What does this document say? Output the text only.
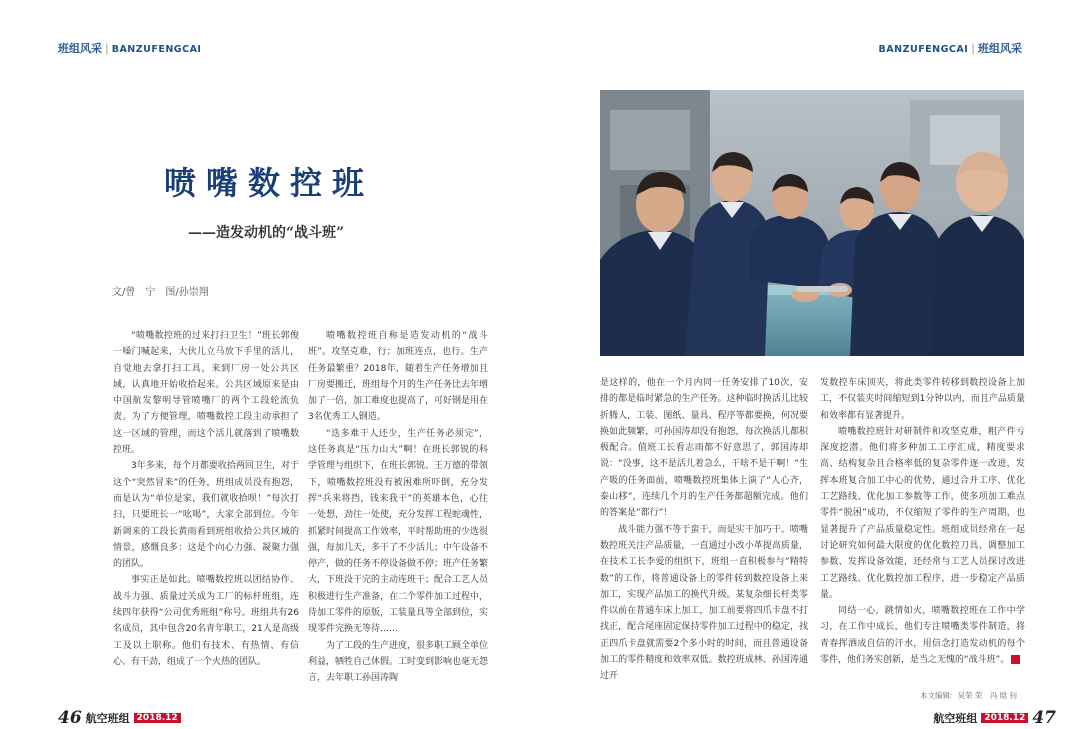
班组风采 | BANZUFENGCAI
喷嘴数控班
——造发动机的“战斗班”
文/曾　宁　图/孙崇翔

“喷嘴数控班的过来打扫卫生！”班长郭俊一嗓门喊起来，大伙儿立马放下手里的活儿，自觉地去拿打扫工具，来到厂房一处公共区域，认真地开始收拾起来。公共区域原来是由中国航发黎明导管喷嘴厂的两个工段轮流负责。为了方便管理，喷嘴数控工段主动承担了这一区域的管理，而这个活儿就落到了喷嘴数控班。

3年多来，每个月都要收拾两回卫生，对于这个“突然冒来”的任务，班组成员没有抱怨，而是认为“单位是家，我们就收拾呗！”每次打扫，只要班长一“吆喝”，大家全部到位。今年新调来的工段长黄雨看到班组收拾公共区域的情景，感慨良多：这是个向心力强、凝聚力强的团队。

事实正是如此。喷嘴数控班以团结协作、战斗力强、质量过关成为工厂的标杆班组，连续四年获得“公司优秀班组”称号。班组共有26名成员，其中包含20名青年职工，21人是高级工及以上职称。他们有技术、有热情、有信心、有干劲，组成了一个火热的团队。

喷嘴数控班自称是造发动机的“战斗班”。攻坚克难，行；加班连点，也行。生产任务最繁重？2018年，随着生产任务增加且厂房要搬迁，班组每个月的生产任务比去年增加了一倍，加工难度也提高了，可好钢是用在3名优秀工人钢造。

“迭多难干人还少，生产任务必须完”，这任务真是“压力山大”啊！在班长郭锐的科学管理与组织下，在班长郭锐、王万德的带领下，喷嘴数控班没有被困难所吓倒，充分发挥“兵来将挡，钱来我干”的英雄本色，心往一处想，劲往一处使，充分发挥工程蛇魂性，抓紧时间提高工作效率，平时帮助班的少选很强，每加几天，多干了不少活儿；中午设备不停产，做的任务不停设备做不停；班产任务繁大，下班没干完的主动连班干；配合工艺人员积极进行生产准备，在二个零件加工过程中，待加工零件的原版，工装量具等全部到位，实现零件完换无等待……

为了工段的生产进度，很多职工顾全单位利益，牺牲自己休假。工时变到影响也毫无怨言，去年职工孙国涛陶

46 航空班组 2018.12
BANZUFENGCAI | 班组风采

是这样的，他在一个月内同一任务安排了10次，安排的都是临时紧急的生产任务。这种临时换活儿比较折腾人，工装、图纸、量具、程序等都要换，何况要换如此频繁，可孙国涛却没有抱怨，每次换活儿都积极配合。值班工长看志雨都不好意思了，郭国涛却说：“没事，这不是活儿着急么，干啥不是干啊！”生产吸的任务面前，喷嘴数控班集体上演了“人心齐，泰山移”，连续几个月的生产任务都超额完成。他们的答案是“都行”！

战斗能力强不等于蛮干，而是实干加巧干。喷嘴数控班关注产品质量，一直通过小改小革提高质量，在技术工长李爱的组织下，班组一直积极参与“精特数”的工作，将普通设备上的零件转到数控设备上来加工，实现产品加工的换代升级。某复杂细长杆类零件以前在普通车床上加工，加工前要将四爪卡盘不打找正，配合尾座固定保持零件加工过程中的稳定，找正四爪卡盘就需要2个多小时的时间，而且普通设备加工的零件精度和效率双低。数控班成林、孙国涛通过开

发数控车床顶夹，将此类零件转移到数控设备上加工，不仅装夹时间缩短到1分钟以内，而且产品质量和效率都有显著提升。

喷嘴数控班针对研制件和攻坚克难，粗产件亏深度挖潜。他们将多种加工工序汇成，精度要求高、结构复杂且合格率低的复杂零件逐一改进，发挥本班复合加工中心的优势，通过合并工序、优化工艺路线、优化加工参数等工作，使多项加工难点零件“脱困”成功，不仅缩短了零件的生产周期，也显著提升了产品质量稳定性。班组成员经常在一起讨论研究如何最大限度的优化数控刀具、调整加工参数、发挥设备效能，还经常与工艺人员探讨改进工艺路线、优化数控加工程序，进一步稳定产品质量。

同结一心，跳情如火，喷嘴数控班在工作中学习，在工作中成长，他们专注喷嘴类零件制造，将青春挥洒成自信的汗水，用信念打造发动机的每个零件，他们务实创新，是当之无愧的“战斗班”。

本文编辑：吴荣 荣　冯 晗 钊
航空班组 2018.12 47
